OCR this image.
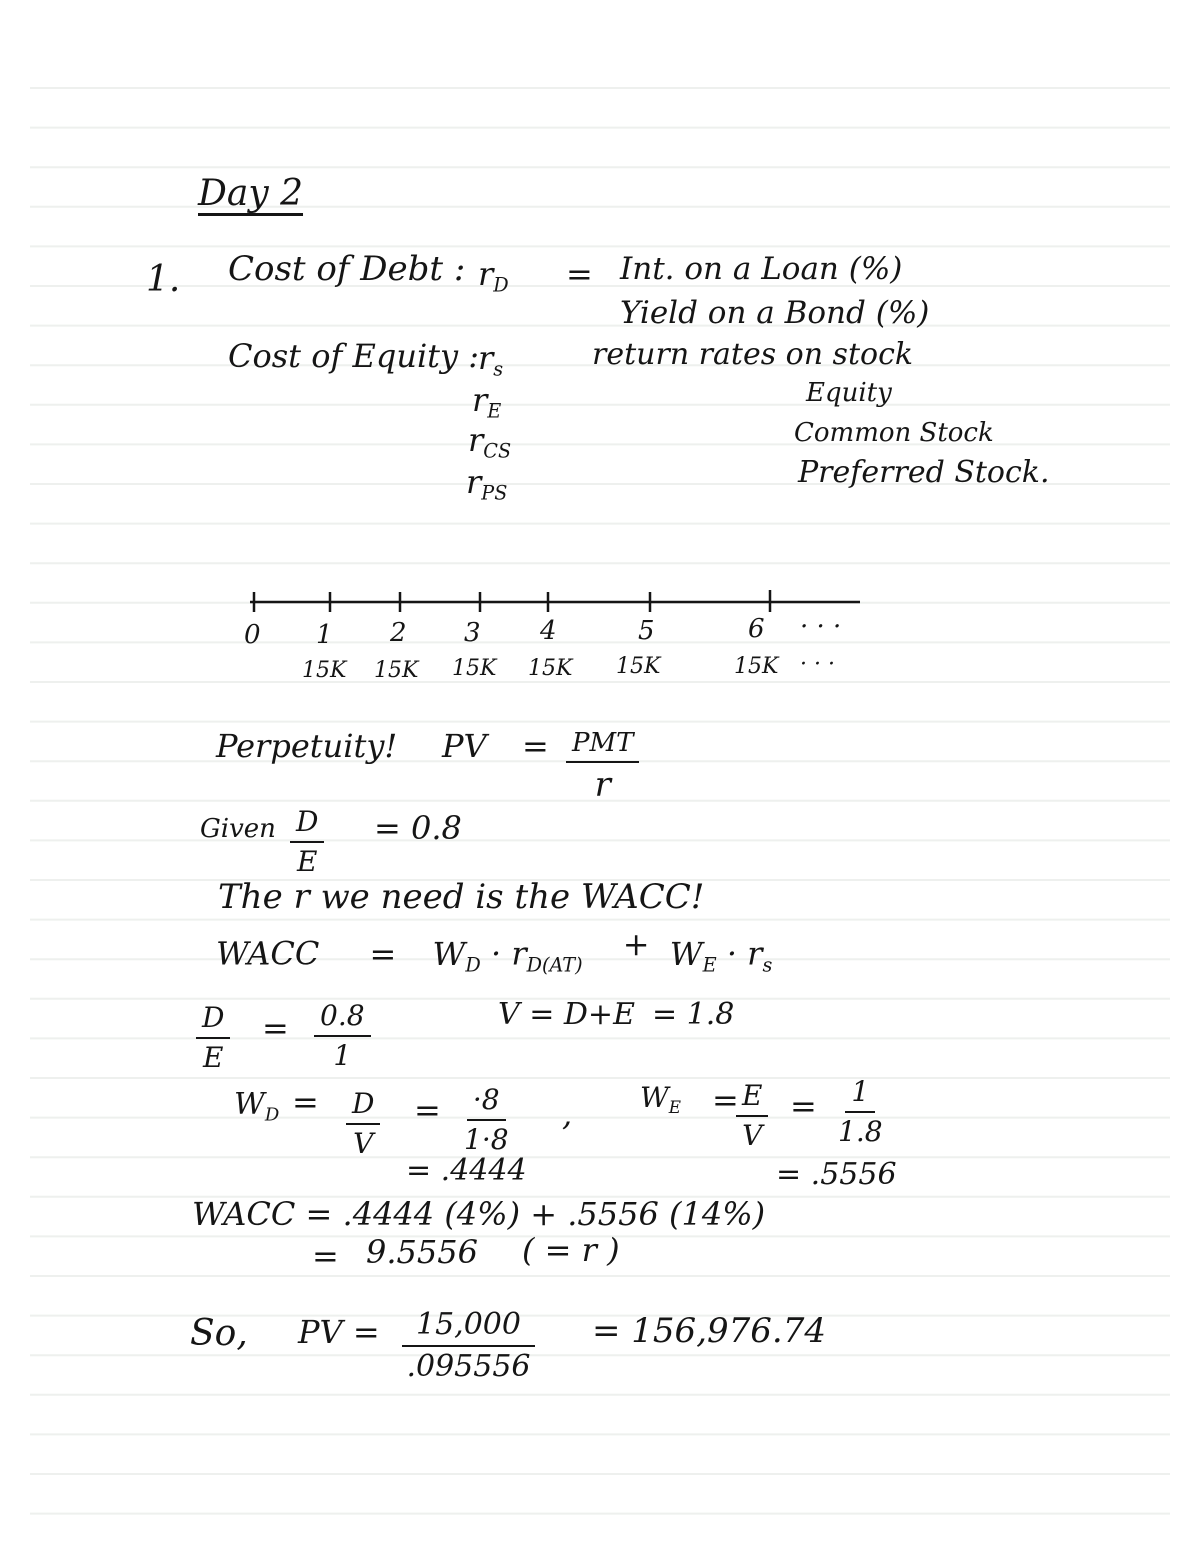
Day 2
1. Cost of Debt : $r_D$ = Int. on a Loan (%)
Yield on a Bond (%)
Cost of Equity :
$r_s$
$r_E$
$r_{CS}$
$r_{PS}$
return rates on stock
Equity
Common Stock
Preferred Stock.
0 1 2 3 4	5	6 · · ·
15K 15K 15K 15K 15K	15K · · ·
Perpetuity! PV = PMT
r
Given $\frac{D}{E} = 0.8$
The r we need is the WACC!
WACC = $W_D \cdot r_{D(AT)} + W_E \cdot r_s$
$\frac{D}{E} = \frac{0.8}{1}$	V = D+E = 1.8
$W_D = \frac{D}{V} = \frac{\cdot 8}{1\cdot 8}$ , $W_E$ =
$\frac{E}{V} = \frac{1}{1.8}$
= .4444	= .5556
WACC = .4444 (4%) + .5556 (14%)
= 9.5556 ( = r )
So, PV = $\frac{15,000}{.095556} = 156,976.74$
